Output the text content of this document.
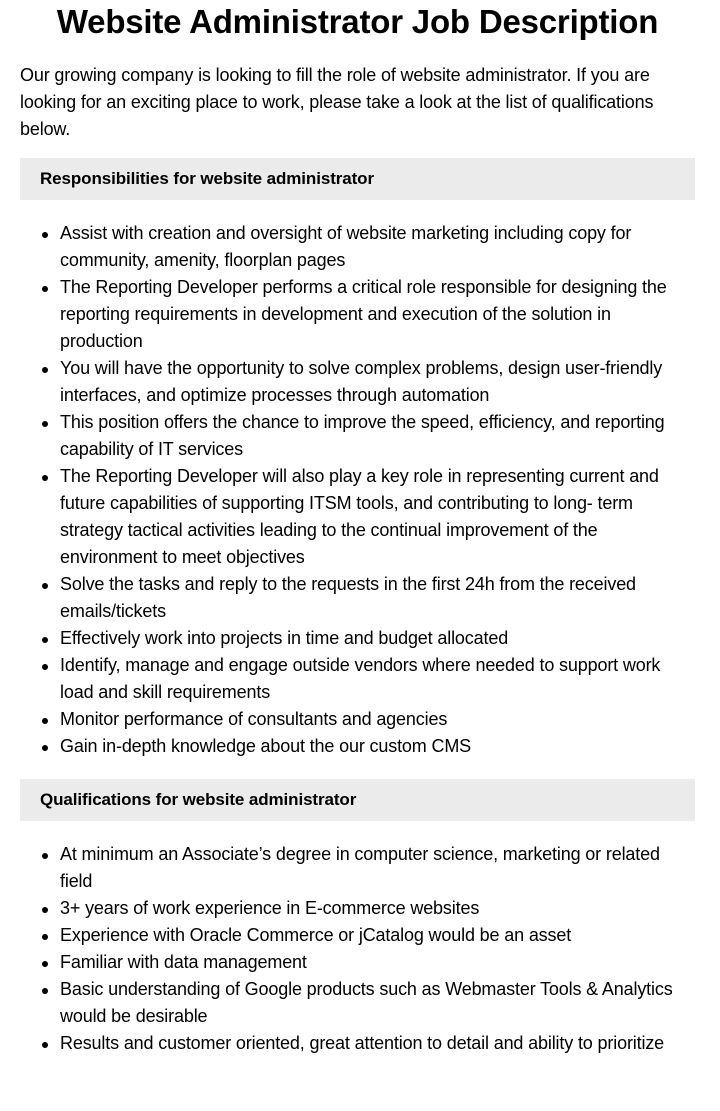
Website Administrator Job Description

Our growing company is looking to fill the role of website administrator. If you are looking for an exciting place to work, please take a look at the list of qualifications below.

Responsibilities for website administrator
Assist with creation and oversight of website marketing including copy for community, amenity, floorplan pages
The Reporting Developer performs a critical role responsible for designing the reporting requirements in development and execution of the solution in production
You will have the opportunity to solve complex problems, design user-friendly interfaces, and optimize processes through automation
This position offers the chance to improve the speed, efficiency, and reporting capability of IT services
The Reporting Developer will also play a key role in representing current and future capabilities of supporting ITSM tools, and contributing to long- term strategy tactical activities leading to the continual improvement of the environment to meet objectives
Solve the tasks and reply to the requests in the first 24h from the received emails/tickets
Effectively work into projects in time and budget allocated
Identify, manage and engage outside vendors where needed to support work load and skill requirements
Monitor performance of consultants and agencies
Gain in-depth knowledge about the our custom CMS
Qualifications for website administrator
At minimum an Associate’s degree in computer science, marketing or related field
3+ years of work experience in E-commerce websites
Experience with Oracle Commerce or jCatalog would be an asset
Familiar with data management
Basic understanding of Google products such as Webmaster Tools & Analytics would be desirable
Results and customer oriented, great attention to detail and ability to prioritize
